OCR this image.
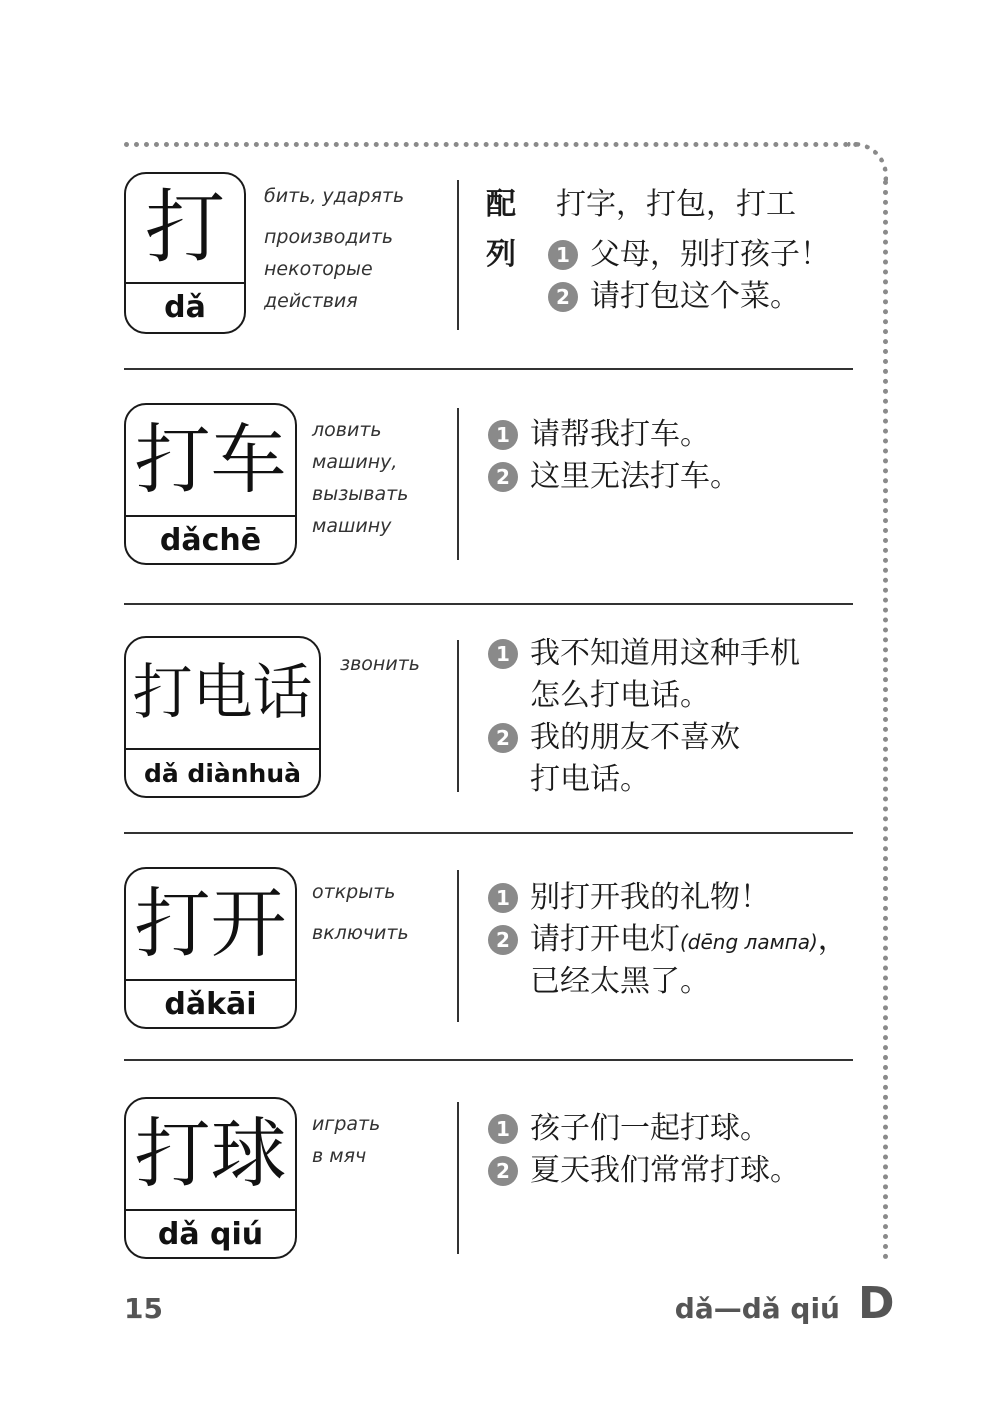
打
dǎ
бить, ударять
производить
некоторые
действия
配
列
打字，打包，打工
1 父母，别打孩子！
2 请打包这个菜。
打车
dǎchē
ловить
машину,
вызывать
машину
1 请帮我打车。
2 这里无法打车。
打电话
dǎ diànhuà
звонить	1 我不知道用这种手机
怎么打电话。
2 我的朋友不喜欢
打电话。
打开
dǎkāi
открыть
включить
1 别打开我的礼物！
2 请打开电灯(dēng лампа)，
已经太黑了。
打球
dǎ qiú
играть
в мяч
1 孩子们一起打球。
2 夏天我们常常打球。
15	dǎ—dǎ qiú D
